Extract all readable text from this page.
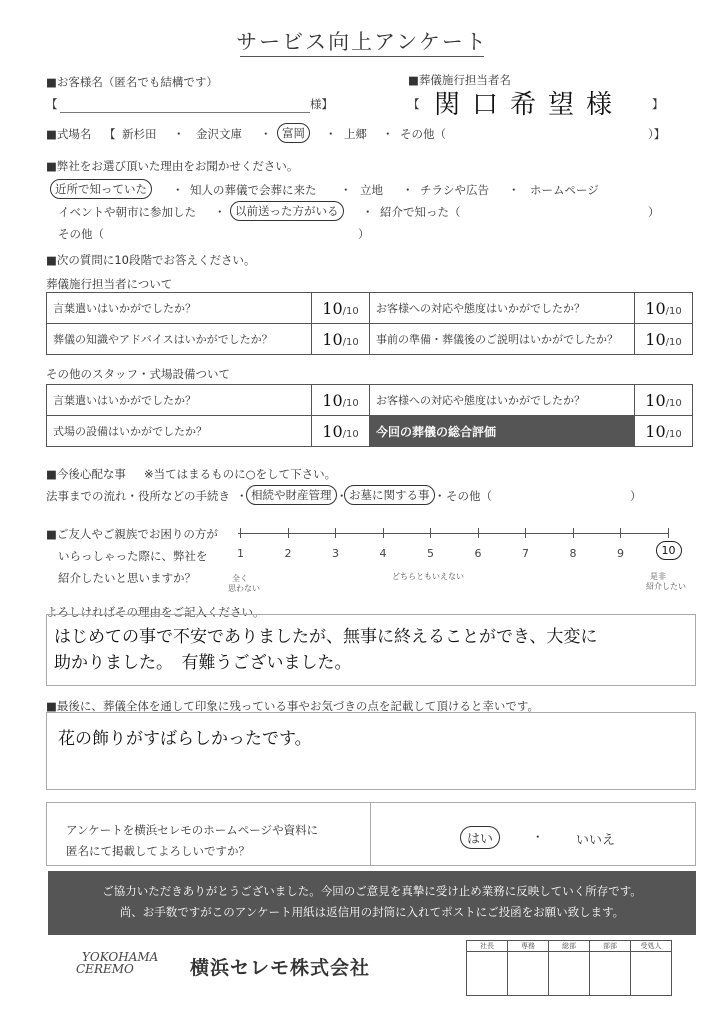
サービス向上アンケート
■お客様名（匿名でも結構です）
【	様】
■葬儀施行担当者名
【 関口希望様 】
■式場名 【 新杉田 ・ 金沢文庫 ・ 富岡	・ 上郷 ・ その他（	）】
■弊社をお選び頂いた理由をお聞かせください。
近所で知っていた	・ 知人の葬儀で会葬に来た ・ 立地 ・ チラシや広告 ・ ホームページ
イベントや朝市に参加した ・ 以前送った方がいる	・ 紹介で知った（	）
その他（	）
■次の質問に10段階でお答えください。
葬儀施行担当者について
言葉遣いはいかがでしたか？	10/10	お客様への対応や態度はいかがでしたか？	10/10
葬儀の知識やアドバイスはいかがでしたか？	10/10	事前の準備・葬儀後のご説明はいかがでしたか？	10/10
その他のスタッフ・式場設備ついて
言葉遣いはいかがでしたか？	10/10	お客様への対応や態度はいかがでしたか？	10/10
式場の設備はいかがでしたか？	10/10	今回の葬儀の総合評価	10/10
■今後心配な事 ※当てはまるものに○をして下さい。
法事までの流れ・役所などの手続き ・ 相続や財産管理 ・ お墓に関する事 ・ その他（	）
■ご友人やご親族でお困りの方が
いらっしゃった際に、弊社を
紹介したいと思いますか？
1	2	3	4	5	6	7	8	9	10
全く
思わない
どちらともいえない	是非
紹介したい
よろしければその理由をご記入ください。
はじめての事で不安でありましたが、無事に終えることができ、大変に
助かりました。　有難うございました。
■最後に、葬儀全体を通して印象に残っている事やお気づきの点を記載して頂けると幸いです。
花の飾りがすばらしかったです。
アンケートを横浜セレモのホームページや資料に
匿名にて掲載してよろしいですか？
はい	・	いいえ
ご協力いただきありがとうございました。今回のご意見を真摯に受け止め業務に反映していく所存です。
尚、お手数ですがこのアンケート用紙は返信用の封筒に入れてポストにご投函をお願い致します。
YOKOHAMA
CEREMO	横浜セレモ株式会社
社長	専務	総部	部部	受処人
